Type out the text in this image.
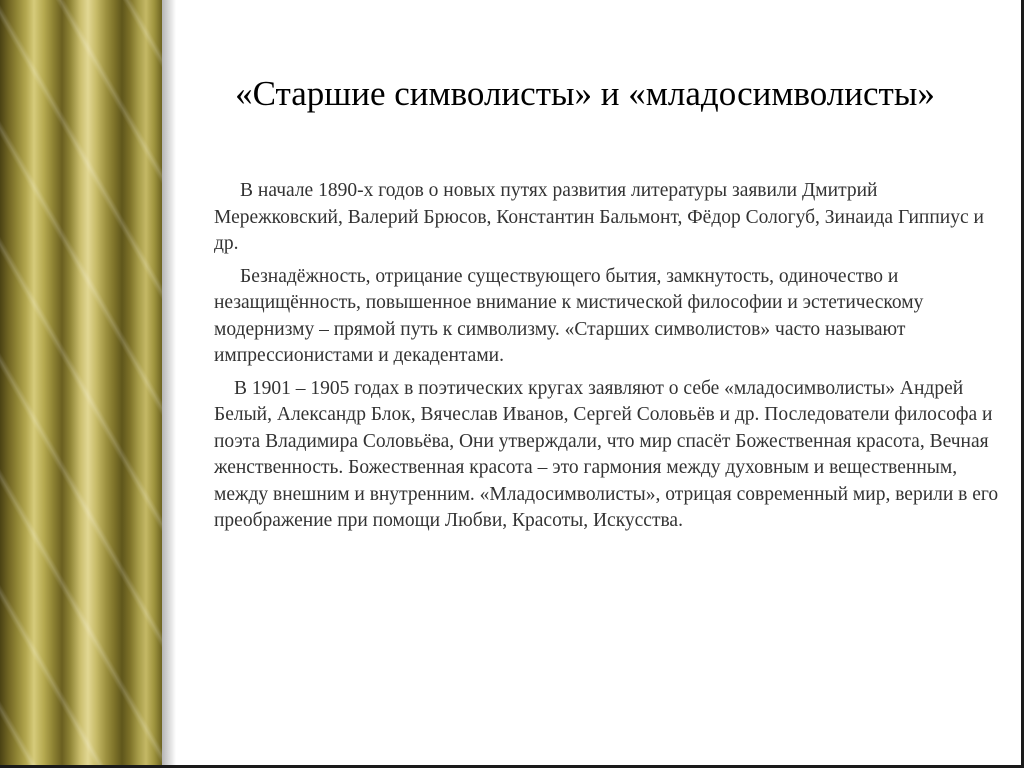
«Старшие символисты» и «младосимволисты»

В начале 1890-х годов о новых путях развития литературы заявили Дмитрий Мережковский, Валерий Брюсов, Константин Бальмонт, Фёдор Сологуб, Зинаида Гиппиус и др.

Безнадёжность, отрицание существующего бытия, замкнутость, одиночество и незащищённость, повышенное внимание к мистической философии и эстетическому модернизму – прямой путь к символизму. «Старших символистов» часто называют импрессионистами и декадентами.

В 1901 – 1905 годах в поэтических кругах заявляют о себе «младосимволисты» Андрей Белый, Александр Блок, Вячеслав Иванов, Сергей Соловьёв и др. Последователи философа и поэта Владимира Соловьёва, Они утверждали, что мир спасёт Божественная красота, Вечная женственность. Божественная красота – это гармония между духовным и вещественным, между внешним и внутренним. «Младосимволисты», отрицая современный мир, верили в его преображение при помощи Любви, Красоты, Искусства.
